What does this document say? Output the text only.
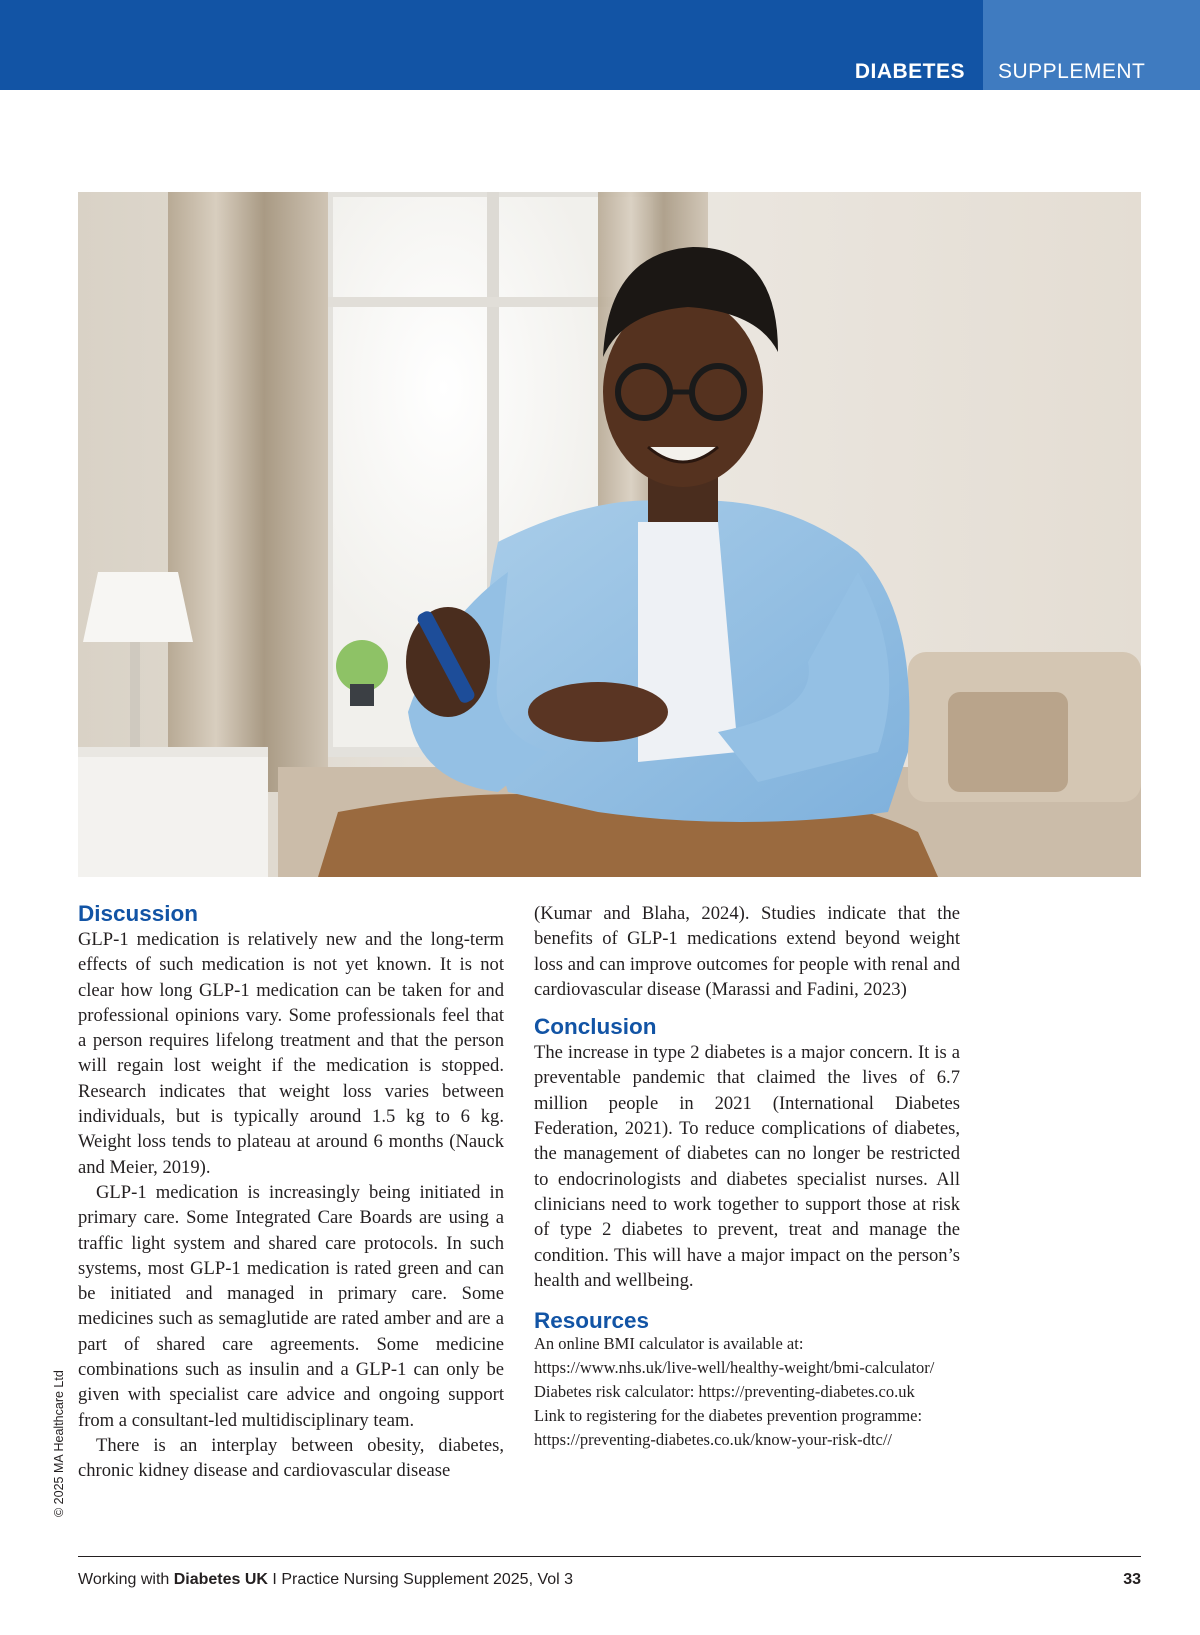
DIABETES SUPPLEMENT
Discussion

GLP-1 medication is relatively new and the long-term effects of such medication is not yet known. It is not clear how long GLP-1 medication can be taken for and professional opinions vary. Some professionals feel that a person requires lifelong treatment and that the person will regain lost weight if the medication is stopped. Research indicates that weight loss varies between individuals, but is typically around 1.5 kg to 6 kg. Weight loss tends to plateau at around 6 months (Nauck and Meier, 2019).

GLP-1 medication is increasingly being initiated in primary care. Some Integrated Care Boards are using a traffic light system and shared care protocols. In such systems, most GLP-1 medication is rated green and can be initiated and managed in primary care. Some medicines such as semaglutide are rated amber and are a part of shared care agreements. Some medicine combinations such as insulin and a GLP-1 can only be given with specialist care advice and ongoing support from a consultant-led multidisciplinary team.

There is an interplay between obesity, diabetes, chronic kidney disease and cardiovascular disease

(Kumar and Blaha, 2024). Studies indicate that the benefits of GLP-1 medications extend beyond weight loss and can improve outcomes for people with renal and cardiovascular disease (Marassi and Fadini, 2023)

Conclusion

The increase in type 2 diabetes is a major concern. It is a preventable pandemic that claimed the lives of 6.7 million people in 2021 (International Diabetes Federation, 2021). To reduce complications of diabetes, the management of diabetes can no longer be restricted to endocrinologists and diabetes specialist nurses. All clinicians need to work together to support those at risk of type 2 diabetes to prevent, treat and manage the condition. This will have a major impact on the person’s health and wellbeing.

Resources
An online BMI calculator is available at:
https://www.nhs.uk/live-well/healthy-weight/bmi-calculator/
Diabetes risk calculator: https://preventing-diabetes.co.uk
Link to registering for the diabetes prevention programme:
https://preventing-diabetes.co.uk/know-your-risk-dtc//
© 2025 MA Healthcare Ltd
Working with Diabetes UK I Practice Nursing Supplement 2025, Vol 3	33
